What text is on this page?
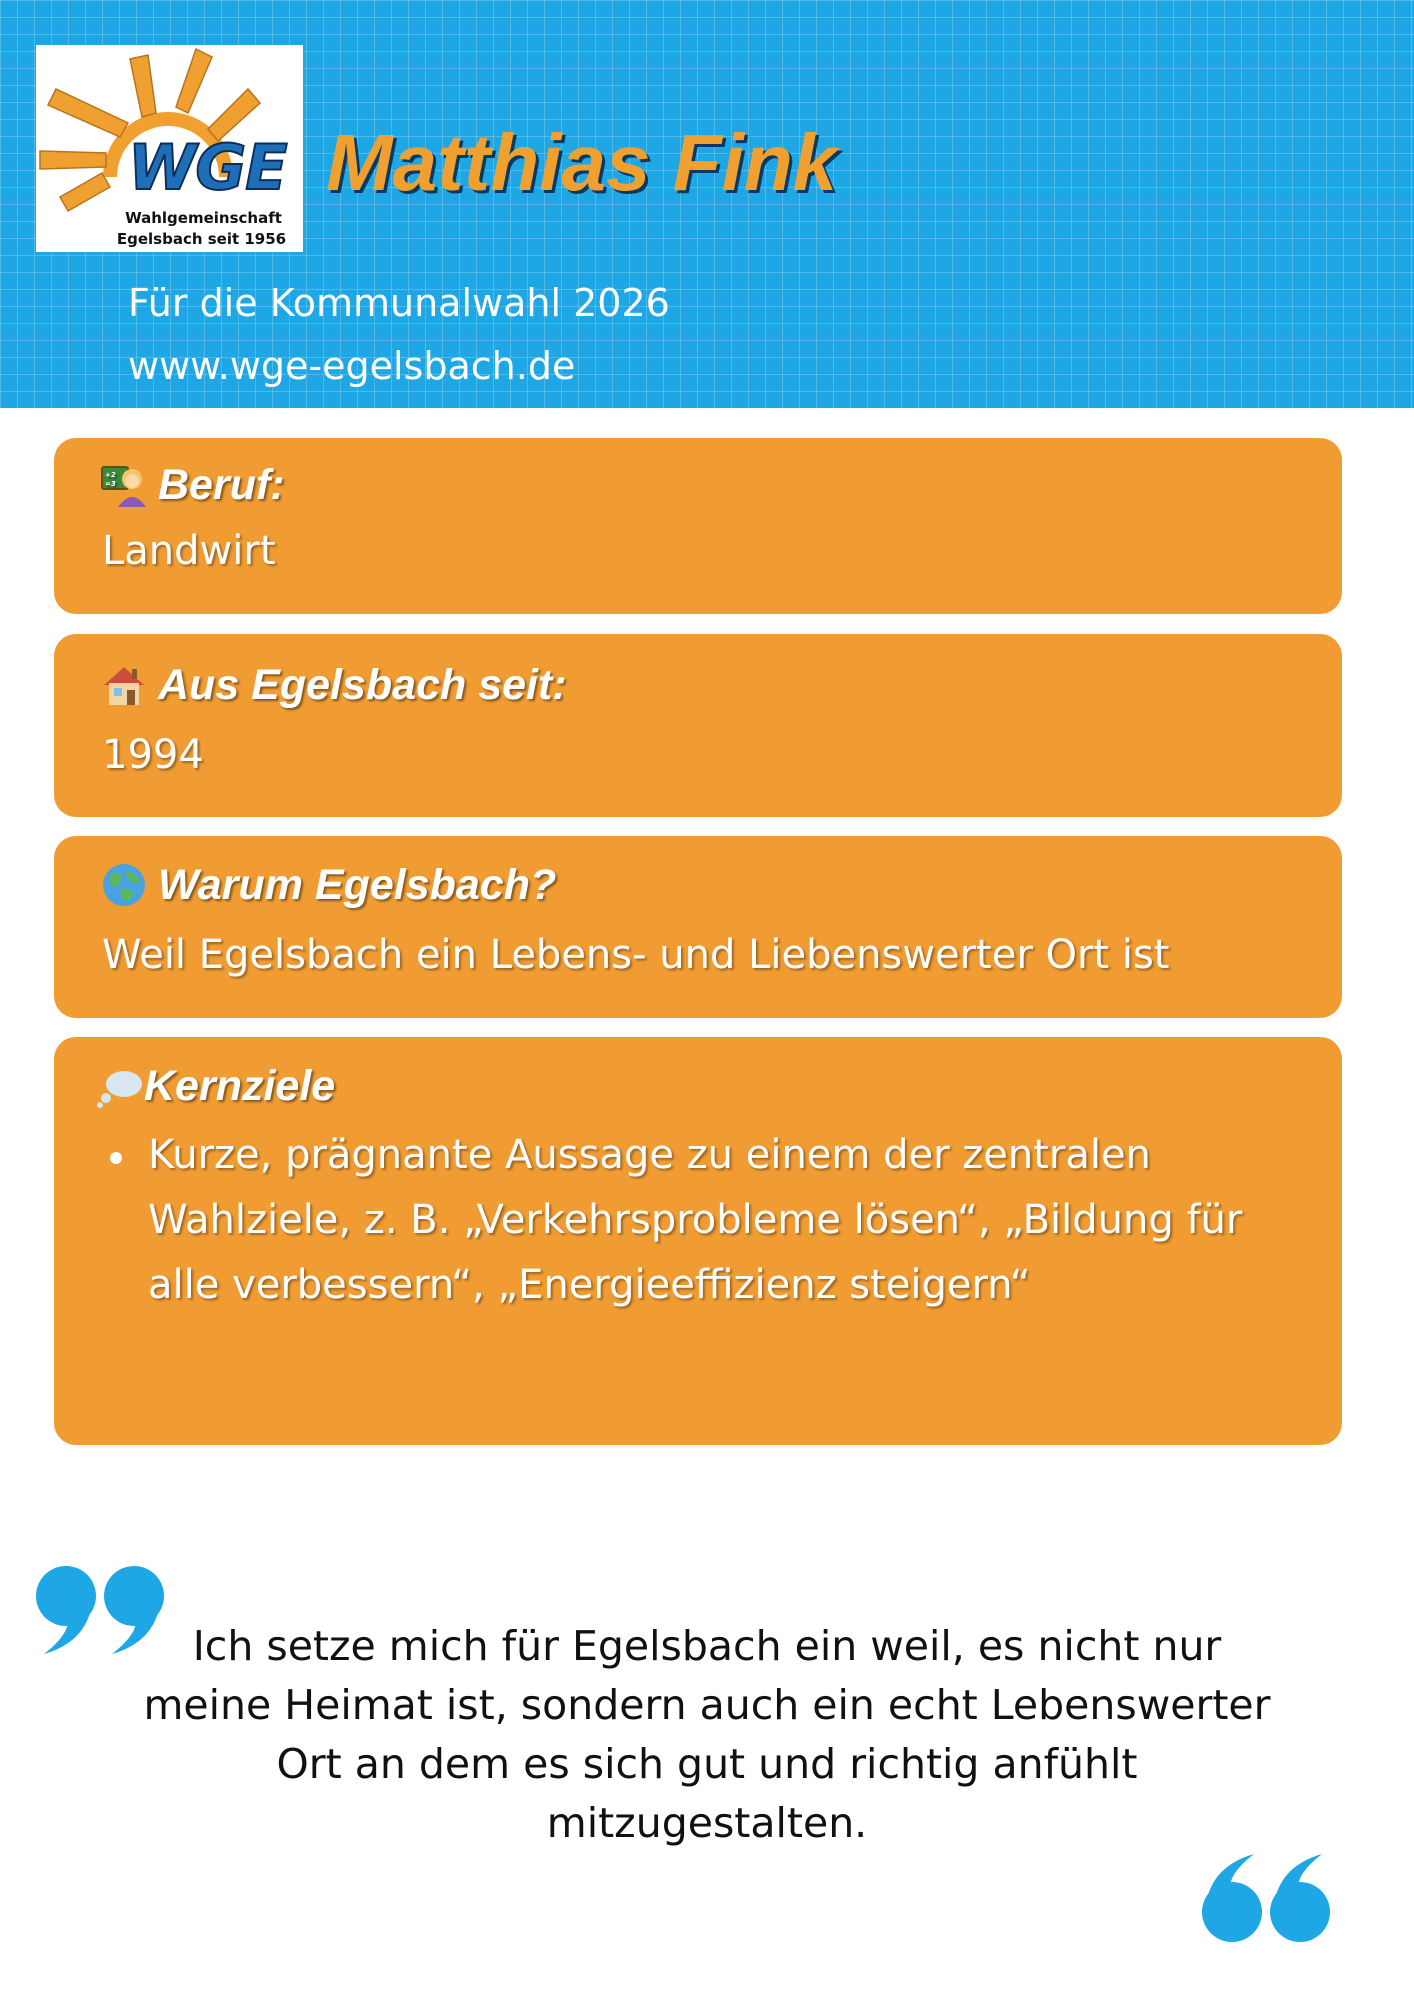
WGE
Wahlgemeinschaft
Egelsbach seit 1956
Matthias Fink
Für die Kommunalwahl 2026
www.wge-egelsbach.de
+2
=3 Beruf:
Landwirt
Aus Egelsbach seit:
1994
Warum Egelsbach?
Weil Egelsbach ein Lebens- und Liebenswerter Ort ist
Kernziele
Kurze, prägnante Aussage zu einem der zentralen
Wahlziele, z. B. „Verkehrsprobleme lösen“, „Bildung für
alle verbessern“, „Energieeffizienz steigern“
Ich setze mich für Egelsbach ein weil, es nicht nur
meine Heimat ist, sondern auch ein echt Lebenswerter
Ort an dem es sich gut und richtig anfühlt
mitzugestalten.
